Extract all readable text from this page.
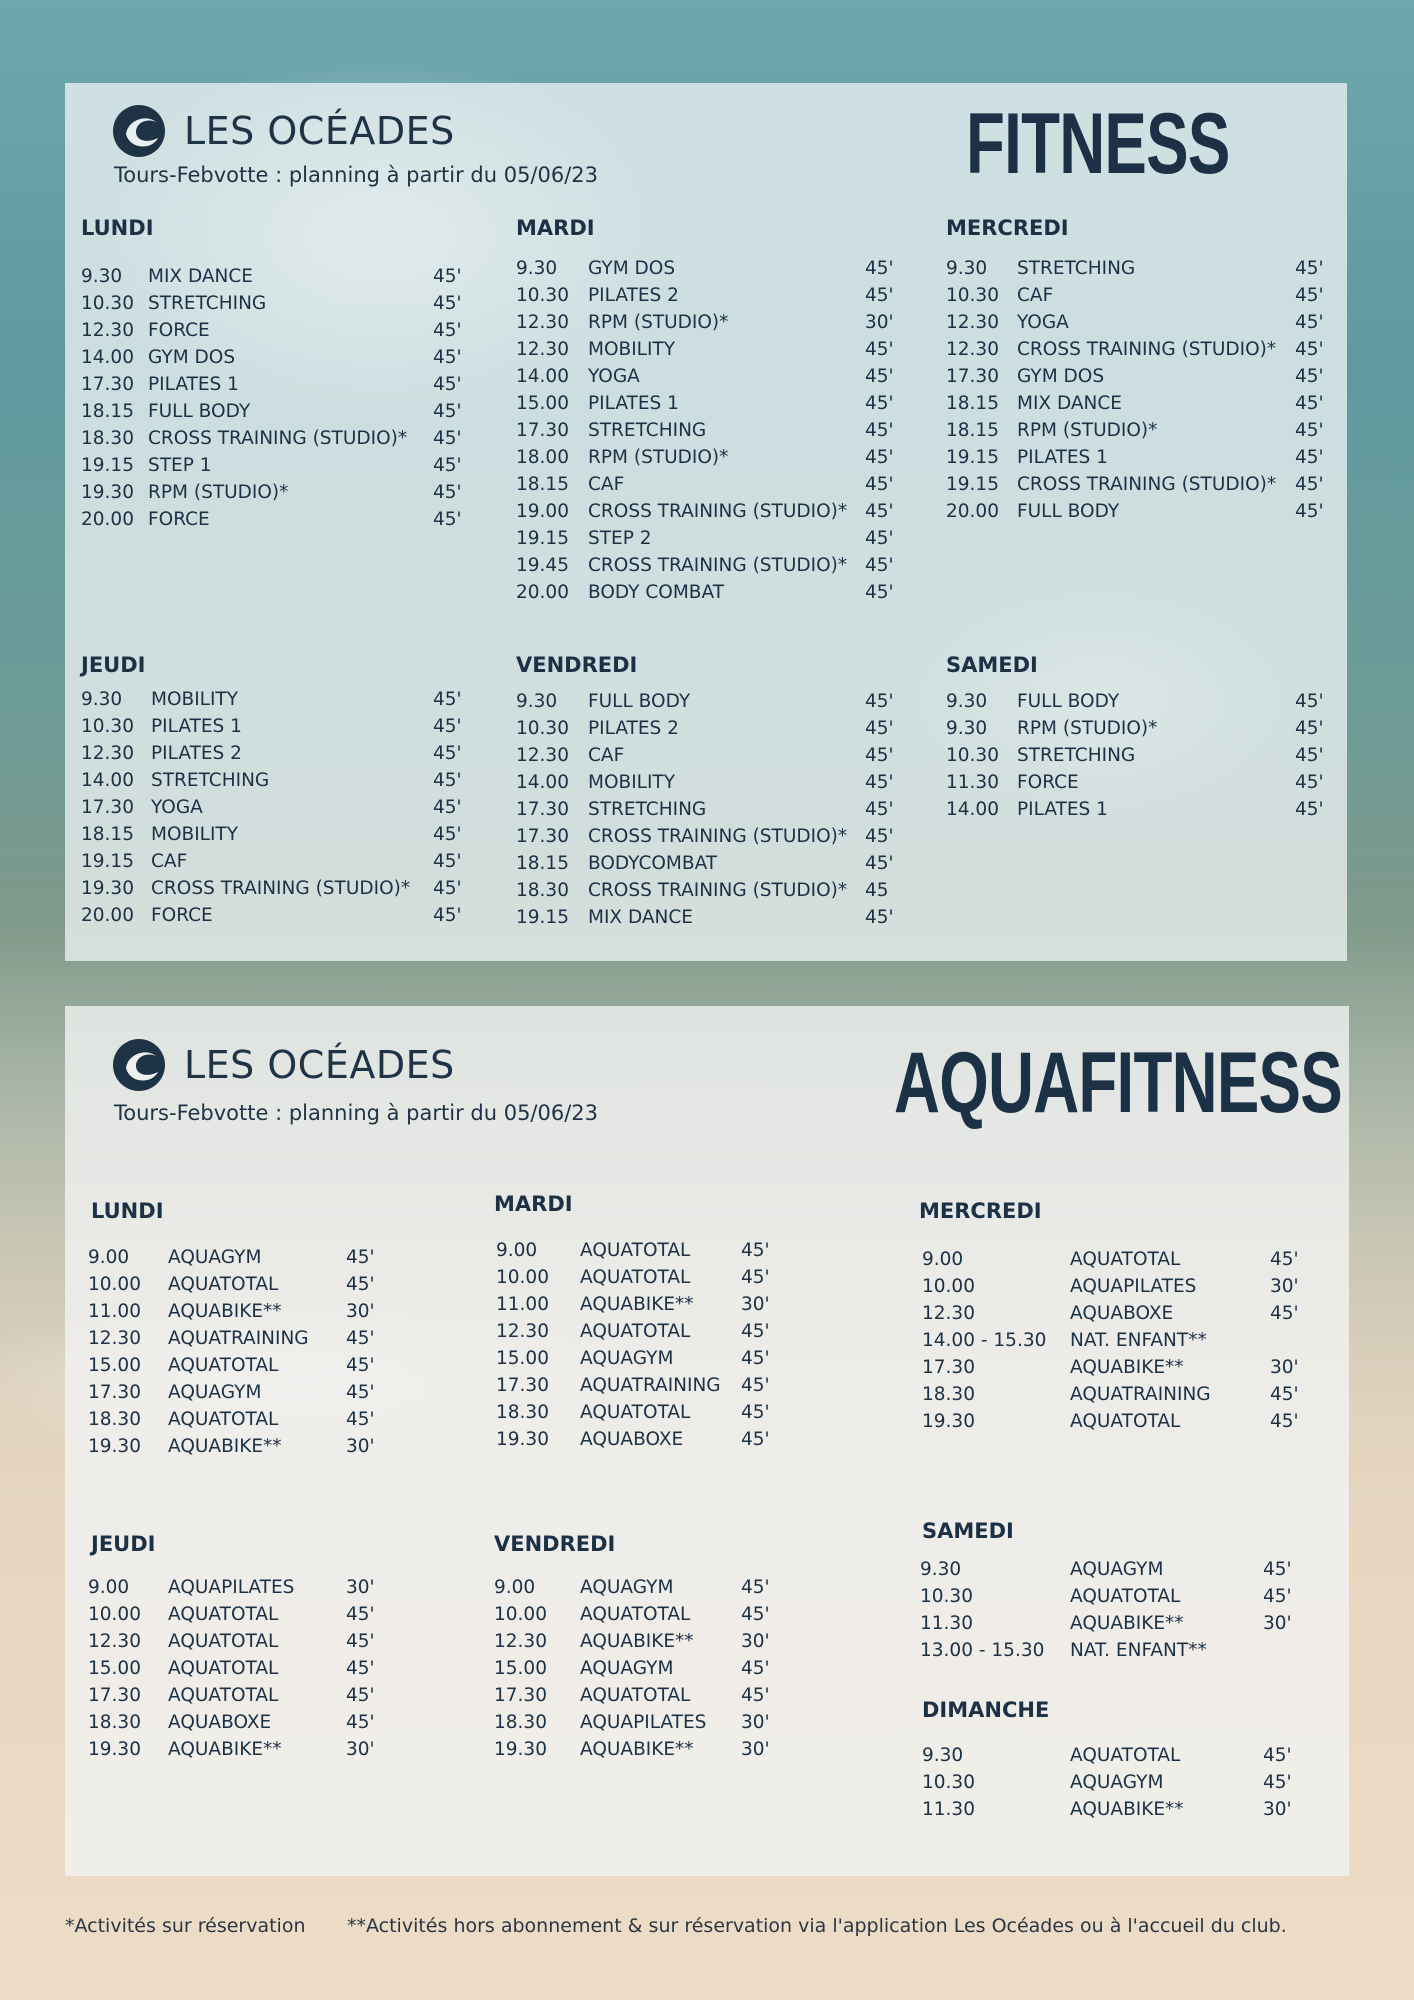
LES OCÉADES
Tours-Febvotte : planning à partir du 05/06/23	FITNESS
LUNDI	MARDI	MERCREDI
JEUDI	VENDREDI	SAMEDI
9.30 MIX DANCE	45'
10.30 STRETCHING	45'
12.30 FORCE	45'
14.00 GYM DOS	45'
17.30 PILATES 1	45'
18.15 FULL BODY	45'
18.30 CROSS TRAINING (STUDIO)* 45'
19.15 STEP 1	45'
19.30 RPM (STUDIO)*	45'
20.00 FORCE	45'
9.30 GYM DOS	45'
10.30 PILATES 2	45'
12.30 RPM (STUDIO)*	30'
12.30 MOBILITY	45'
14.00 YOGA	45'
15.00 PILATES 1	45'
17.30 STRETCHING	45'
18.00 RPM (STUDIO)*	45'
18.15 CAF	45'
19.00 CROSS TRAINING (STUDIO)* 45'
19.15 STEP 2	45'
19.45 CROSS TRAINING (STUDIO)* 45'
20.00 BODY COMBAT	45'
9.30 STRETCHING	45'
10.30 CAF	45'
12.30 YOGA	45'
12.30 CROSS TRAINING (STUDIO)* 45'
17.30 GYM DOS	45'
18.15 MIX DANCE	45'
18.15 RPM (STUDIO)*	45'
19.15 PILATES 1	45'
19.15 CROSS TRAINING (STUDIO)* 45'
20.00 FULL BODY	45'
9.30 MOBILITY	45'
10.30 PILATES 1	45'
12.30 PILATES 2	45'
14.00 STRETCHING	45'
17.30 YOGA	45'
18.15 MOBILITY	45'
19.15 CAF	45'
19.30 CROSS TRAINING (STUDIO)* 45'
20.00 FORCE	45'
9.30 FULL BODY	45'
10.30 PILATES 2	45'
12.30 CAF	45'
14.00 MOBILITY	45'
17.30 STRETCHING	45'
17.30 CROSS TRAINING (STUDIO)* 45'
18.15 BODYCOMBAT	45'
18.30 CROSS TRAINING (STUDIO)* 45
19.15 MIX DANCE	45'
9.30 FULL BODY	45'
9.30 RPM (STUDIO)*	45'
10.30 STRETCHING	45'
11.30 FORCE	45'
14.00 PILATES 1	45'
LES OCÉADES
Tours-Febvotte : planning à partir du 05/06/23	AQUAFITNESS
LUNDI	MARDI	MERCREDI
JEUDI	VENDREDI
SAMEDI
DIMANCHE
9.00 AQUAGYM	45'
10.00 AQUATOTAL	45'
11.00 AQUABIKE**	30'
12.30 AQUATRAINING 45'
15.00 AQUATOTAL	45'
17.30 AQUAGYM	45'
18.30 AQUATOTAL	45'
19.30 AQUABIKE**	30'
9.00 AQUATOTAL	45'
10.00 AQUATOTAL	45'
11.00 AQUABIKE**	30'
12.30 AQUATOTAL	45'
15.00 AQUAGYM	45'
17.30 AQUATRAINING 45'
18.30 AQUATOTAL	45'
19.30 AQUABOXE	45'
9.00	AQUATOTAL	45'
10.00	AQUAPILATES	30'
12.30	AQUABOXE	45'
14.00 - 15.30 NAT. ENFANT**
17.30	AQUABIKE**	30'
18.30	AQUATRAINING	45'
19.30	AQUATOTAL	45'
9.00 AQUAPILATES	30'
10.00 AQUATOTAL	45'
12.30 AQUATOTAL	45'
15.00 AQUATOTAL	45'
17.30 AQUATOTAL	45'
18.30 AQUABOXE	45'
19.30 AQUABIKE**	30'
9.00 AQUAGYM	45'
10.00 AQUATOTAL	45'
12.30 AQUABIKE**	30'
15.00 AQUAGYM	45'
17.30 AQUATOTAL	45'
18.30 AQUAPILATES 30'
19.30 AQUABIKE**	30'
9.30	AQUAGYM	45'
10.30	AQUATOTAL	45'
11.30	AQUABIKE**	30'
13.00 - 15.30 NAT. ENFANT**
9.30	AQUATOTAL	45'
10.30	AQUAGYM	45'
11.30	AQUABIKE**	30'
*Activités sur réservation **Activités hors abonnement & sur réservation via l'application Les Océades ou à l'accueil du club.
